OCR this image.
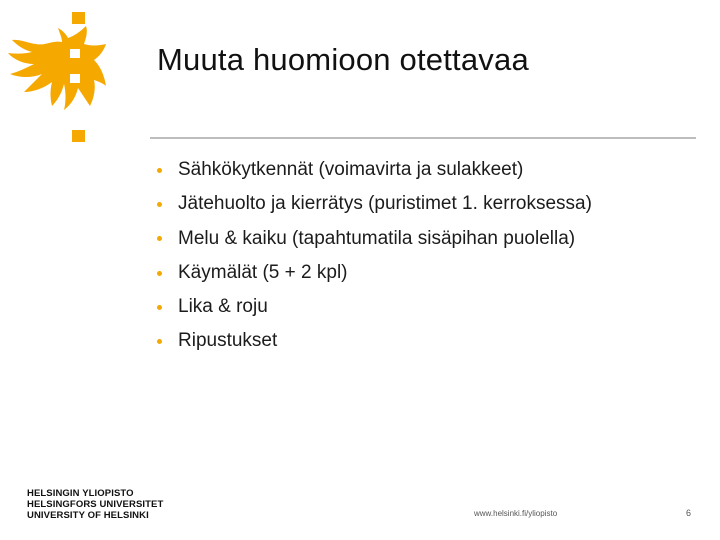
Muuta huomioon otettavaa
Sähkökytkennät (voimavirta ja sulakkeet)
Jätehuolto ja kierrätys (puristimet 1. kerroksessa)
Melu & kaiku (tapahtumatila sisäpihan puolella)
Käymälät (5 + 2 kpl)
Lika & roju
Ripustukset
HELSINGIN YLIOPISTO
HELSINGFORS UNIVERSITET
UNIVERSITY OF HELSINKI	www.helsinki.fi/yliopisto	6
